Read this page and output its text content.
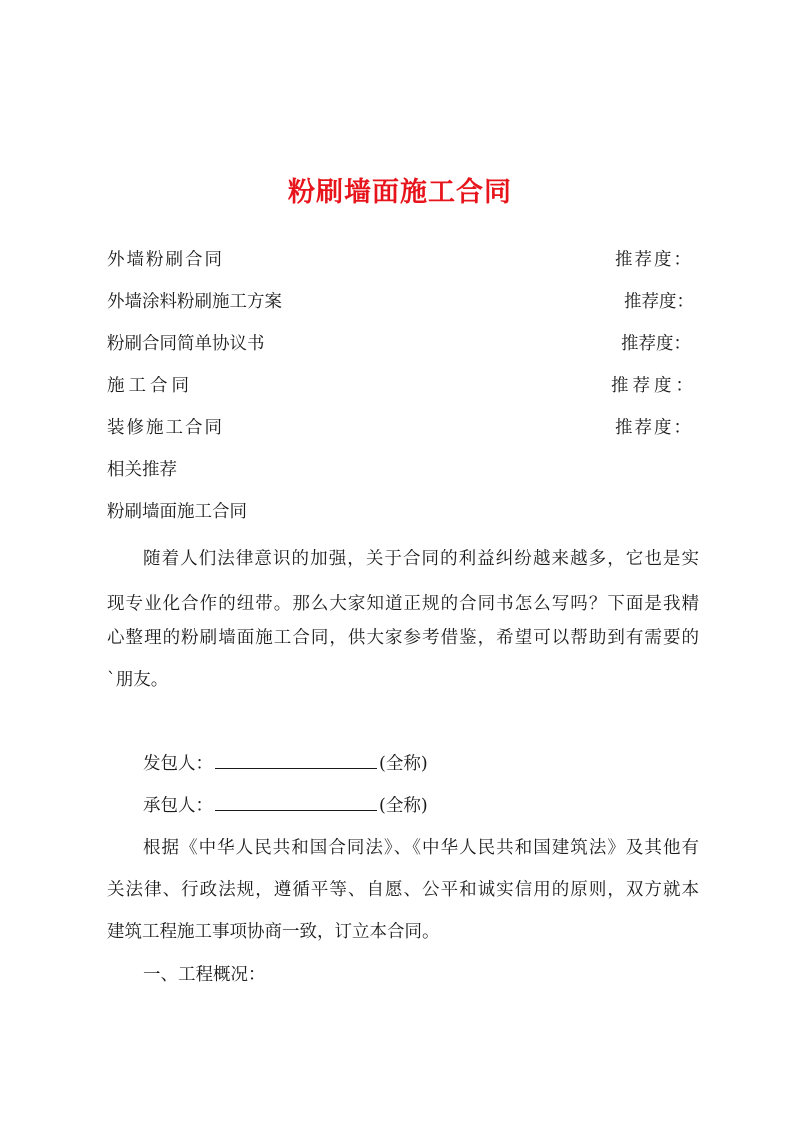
粉刷墙面施工合同
外墙粉刷合同	推荐度：
外墙涂料粉刷施工方案	推荐度：
粉刷合同简单协议书	推荐度：
施工合同	推荐度：
装修施工合同	推荐度：
相关推荐
粉刷墙面施工合同
随着人们法律意识的加强，关于合同的利益纠纷越来越多，它也是实
现专业化合作的纽带。那么大家知道正规的合同书怎么写吗？下面是我精
心整理的粉刷墙面施工合同，供大家参考借鉴，希望可以帮助到有需要的
`朋友。
发包人：	(全称)
承包人：	(全称)
根据《中华人民共和国合同法》、《中华人民共和国建筑法》及其他有
关法律、行政法规，遵循平等、自愿、公平和诚实信用的原则，双方就本
建筑工程施工事项协商一致，订立本合同。
一、工程概况：
